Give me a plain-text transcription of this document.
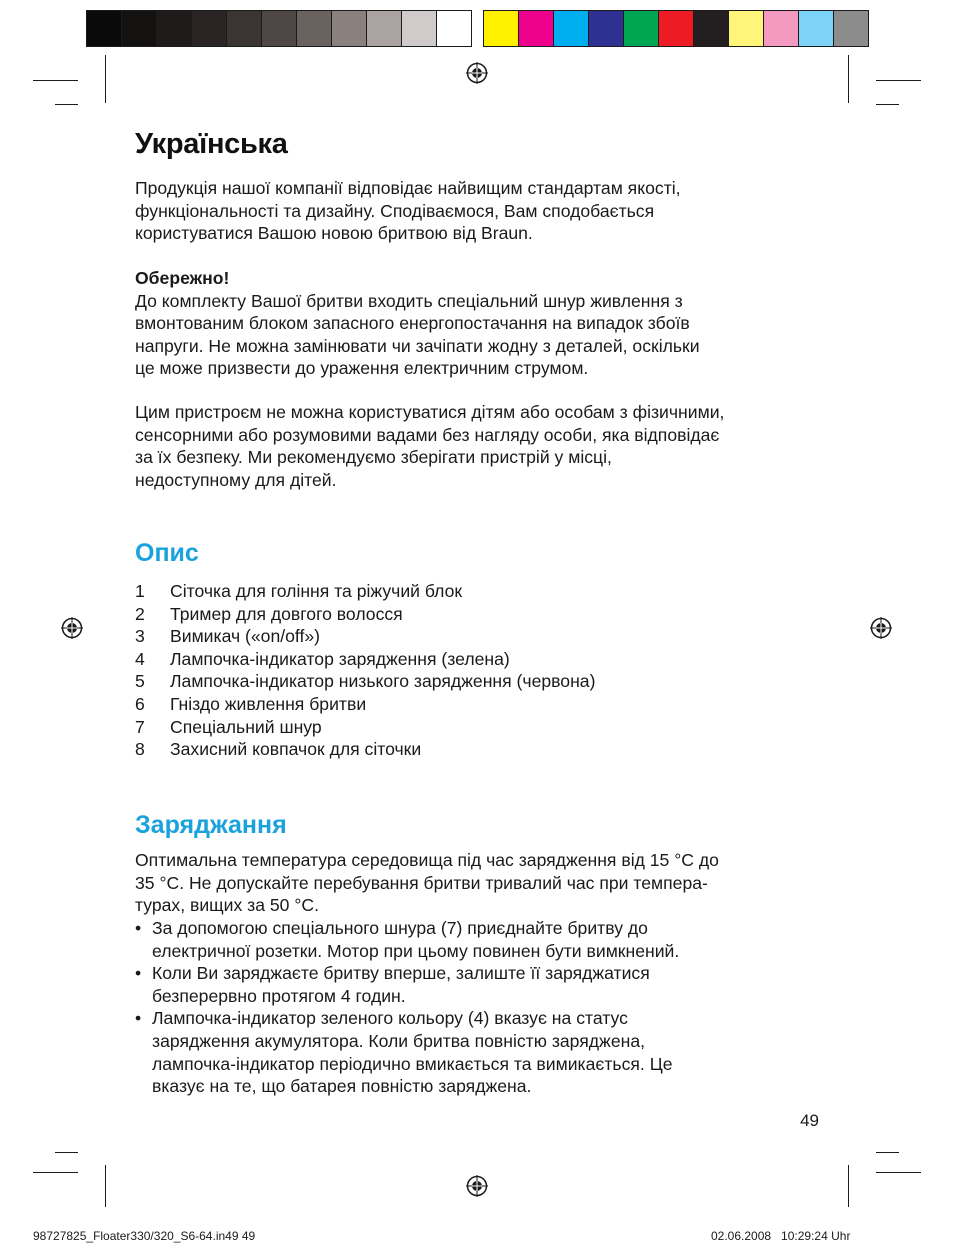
Українська
Продукція нашої компанії відповідає найвищим стандартам якості,
функціональності та дизайну. Сподіваємося, Вам сподобається
користуватися Вашою новою бритвою від Braun.
Обережно!
До комплекту Вашої бритви входить спеціальний шнур живлення з
вмонтованим блоком запасного енергопостачання на випадок збоїв
напруги. Не можна замінювати чи зачіпати жодну з деталей, оскільки
це може призвести до ураження електричним струмом.
Цим пристроєм не можна користуватися дітям або особам з фізичними,
сенсорними або розумовими вадами без нагляду особи, яка відповідає
за їх безпеку. Ми рекомендуємо зберігати пристрій у місці,
недоступному для дітей.
Опис
1	Сіточка для гоління та ріжучий блок
2	Тример для довгого волосся
3	Вимикач («on/off»)
4	Лампочка-індикатор зарядження (зелена)
5	Лампочка-індикатор низького зарядження (червона)
6	Гніздо живлення бритви
7	Спеціальний шнур
8	Захисний ковпачок для сіточки
Заряджання
Оптимальна температура середовища під час зарядження від 15 °C до
35 °C. Не допускайте перебування бритви тривалий час при темпера-
турах, вищих за 50 °C.
• За допомогою спеціального шнура (7) приєднайте бритву до
електричної розетки. Мотор при цьому повинен бути вимкнений.
• Коли Ви заряджаєте бритву вперше, залиште її заряджатися
безперервно протягом 4 годин.
• Лампочка-індикатор зеленого кольору (4) вказує на статус
зарядження акумулятора. Коли бритва повністю заряджена,
лампочка-індикатор періодично вмикається та вимикається. Це
вказує на те, що батарея повністю заряджена.
49
98727825_Floater330/320_S6-64.in49 49	02.06.2008   10:29:24 Uhr
